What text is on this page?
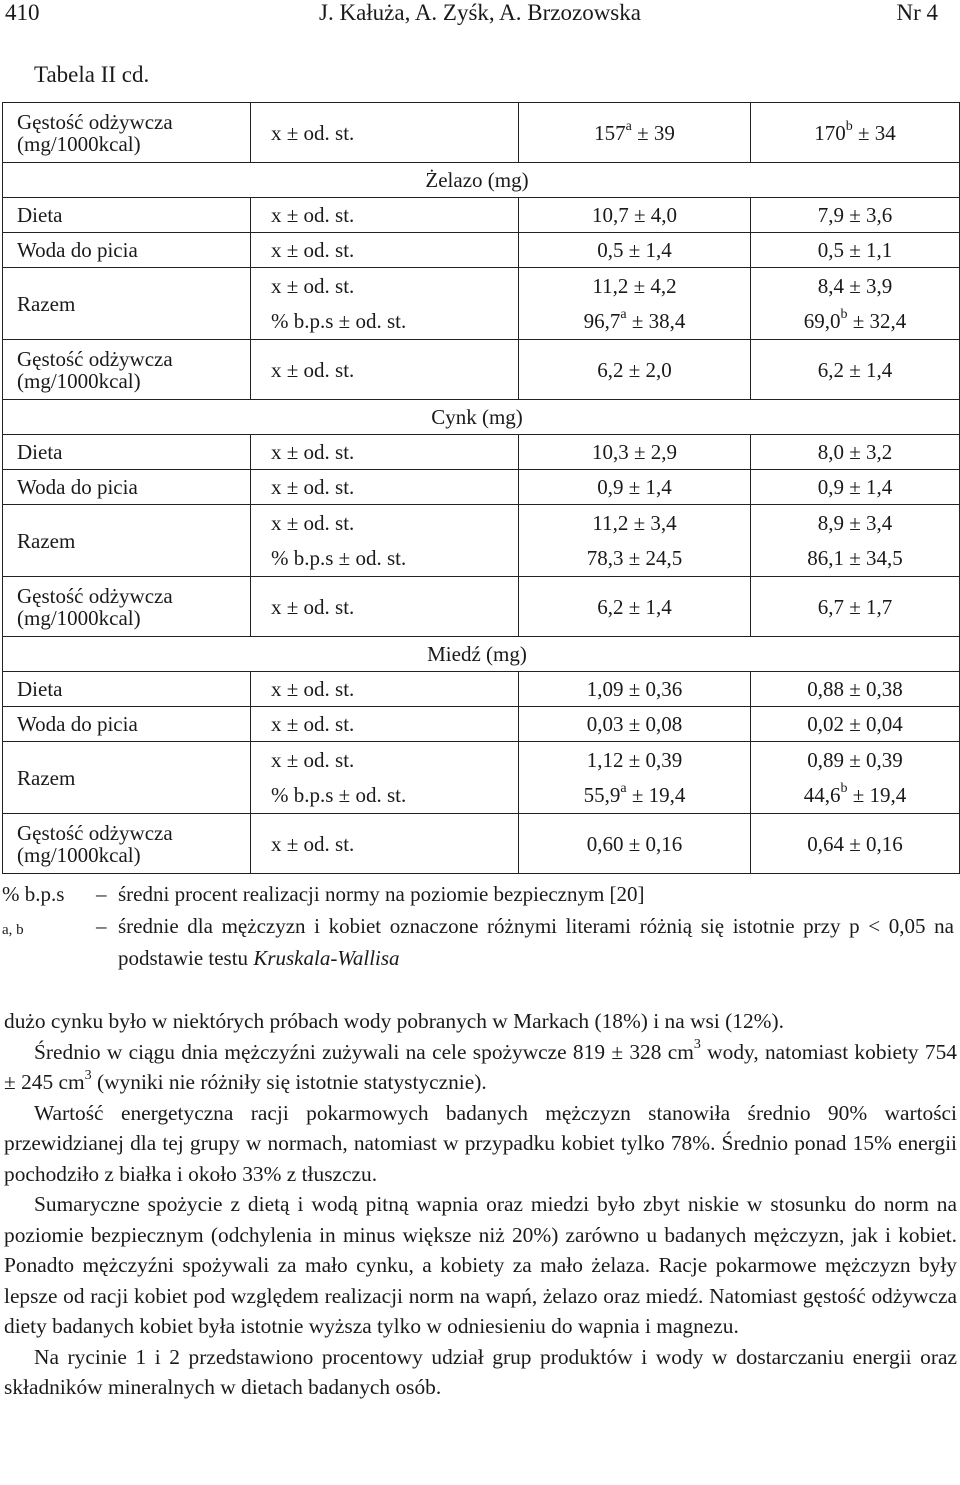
410	J. Kałuża, A. Zyśk, A. Brzozowska	Nr 4
Tabela II cd.
Gęstość odżywcza
(mg/1000kcal)	x ± od. st.	$157^a \pm 39$	$170^b \pm 34$
Żelazo (mg)			
Dieta	x ± od. st.	10,7 ± 4,0	7,9 ± 3,6
Woda do picia	x ± od. st.	0,5 ± 1,4	0,5 ± 1,1
Razem	x ± od. st.	11,2 ± 4,2	8,4 ± 3,9
	% b.p.s ± od. st.	96,7$^a$ ± 38,4	69,0$^b$ ± 32,4
Gęstość odżywcza
(mg/1000kcal)	x ± od. st.	6,2 ± 2,0	6,2 ± 1,4
Cynk (mg)			
Dieta	x ± od. st.	10,3 ± 2,9	8,0 ± 3,2
Woda do picia	x ± od. st.	0,9 ± 1,4	0,9 ± 1,4
Razem	x ± od. st.	11,2 ± 3,4	8,9 ± 3,4
	% b.p.s ± od. st.	78,3 ± 24,5	86,1 ± 34,5
Gęstość odżywcza
(mg/1000kcal)	x ± od. st.	6,2 ± 1,4	6,7 ± 1,7
Miedź (mg)			
Dieta	x ± od. st.	1,09 ± 0,36	0,88 ± 0,38
Woda do picia	x ± od. st.	0,03 ± 0,08	0,02 ± 0,04
Razem	x ± od. st.	1,12 ± 0,39	0,89 ± 0,39
	% b.p.s ± od. st.	55,9$^a$ ± 19,4	44,6$^b$ ± 19,4
Gęstość odżywcza
(mg/1000kcal)	x ± od. st.	0,60 ± 0,16	0,64 ± 0,16
% b.p.s – średni procent realizacji normy na poziomie bezpiecznym [20]
a, b	– średnie dla mężczyzn i kobiet oznaczone różnymi literami różnią się istotnie przy p < 0,05 na podstawie testu Kruskala-Wallisa

dużo cynku było w niektórych próbach wody pobranych w Markach (18%) i na wsi (12%).

Średnio w ciągu dnia mężczyźni zużywali na cele spożywcze 819 ± 328 $cm^3$ wody, natomiast kobiety 754 ± 245 $cm^3$ (wyniki nie różniły się istotnie statystycznie).

Wartość energetyczna racji pokarmowych badanych mężczyzn stanowiła średnio 90% wartości przewidzianej dla tej grupy w normach, natomiast w przypadku kobiet tylko 78%. Średnio ponad 15% energii pochodziło z białka i około 33% z tłuszczu.

Sumaryczne spożycie z dietą i wodą pitną wapnia oraz miedzi było zbyt niskie w stosunku do norm na poziomie bezpiecznym (odchylenia in minus większe niż 20%) zarówno u badanych mężczyzn, jak i kobiet. Ponadto mężczyźni spożywali za mało cynku, a kobiety za mało żelaza. Racje pokarmowe mężczyzn były lepsze od racji kobiet pod względem realizacji norm na wapń, żelazo oraz miedź. Natomiast gęstość odżywcza diety badanych kobiet była istotnie wyższa tylko w odniesieniu do wapnia i magnezu.

Na rycinie 1 i 2 przedstawiono procentowy udział grup produktów i wody w dostarczaniu energii oraz składników mineralnych w dietach badanych osób.
